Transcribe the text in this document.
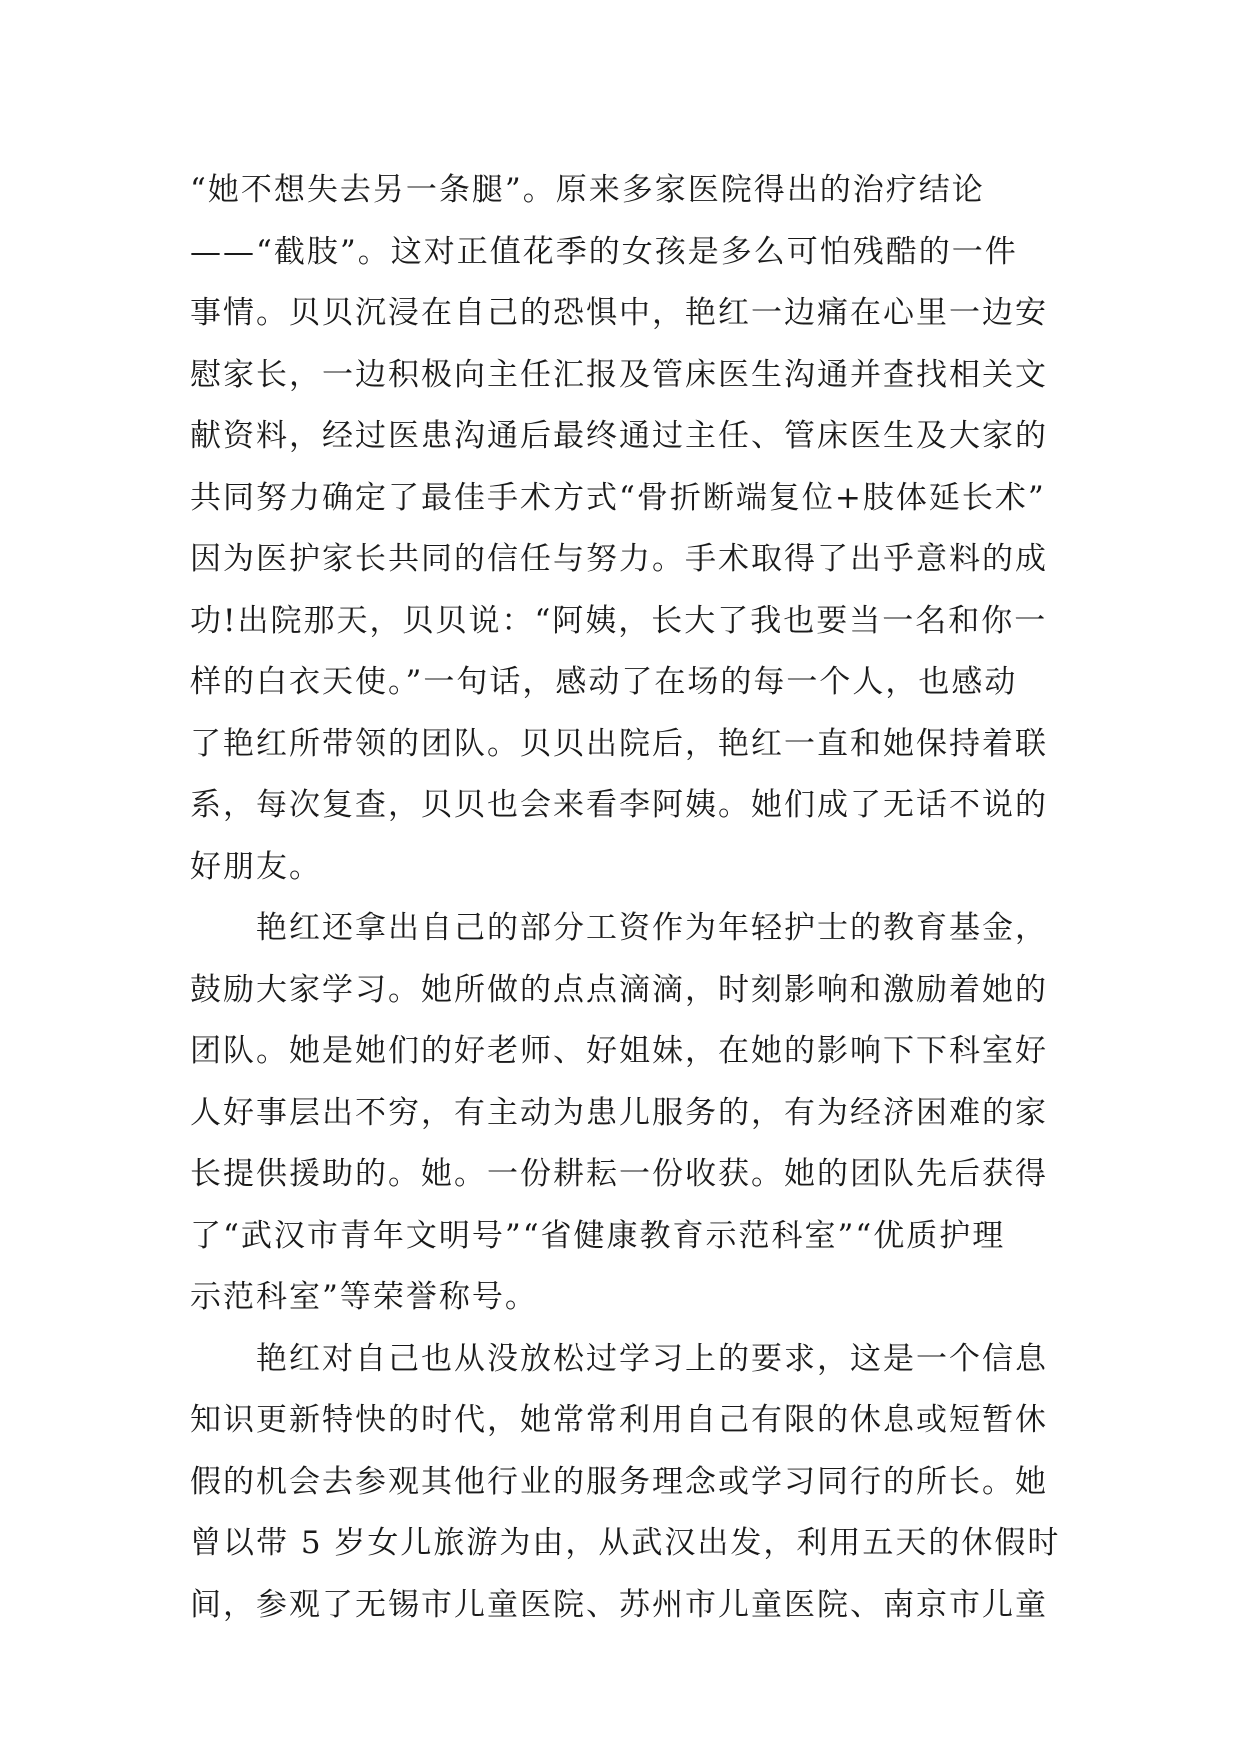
“她不想失去另一条腿”。原来多家医院得出的治疗结论
——“截肢”。这对正值花季的女孩是多么可怕残酷的一件
事情。贝贝沉浸在自己的恐惧中，艳红一边痛在心里一边安
慰家长，一边积极向主任汇报及管床医生沟通并查找相关文
献资料，经过医患沟通后最终通过主任、管床医生及大家的
共同努力确定了最佳手术方式“骨折断端复位+肢体延长术”
因为医护家长共同的信任与努力。手术取得了出乎意料的成
功!出院那天，贝贝说：“阿姨，长大了我也要当一名和你一
样的白衣天使。”一句话，感动了在场的每一个人，也感动
了艳红所带领的团队。贝贝出院后，艳红一直和她保持着联
系，每次复查，贝贝也会来看李阿姨。她们成了无话不说的
好朋友。
　　艳红还拿出自己的部分工资作为年轻护士的教育基金，
鼓励大家学习。她所做的点点滴滴，时刻影响和激励着她的
团队。她是她们的好老师、好姐妹，在她的影响下下科室好
人好事层出不穷，有主动为患儿服务的，有为经济困难的家
长提供援助的。她。一份耕耘一份收获。她的团队先后获得
了“武汉市青年文明号”“省健康教育示范科室”“优质护理
示范科室”等荣誉称号。
　　艳红对自己也从没放松过学习上的要求，这是一个信息
知识更新特快的时代，她常常利用自己有限的休息或短暂休
假的机会去参观其他行业的服务理念或学习同行的所长。她
曾以带 5 岁女儿旅游为由，从武汉出发，利用五天的休假时
间，参观了无锡市儿童医院、苏州市儿童医院、南京市儿童
